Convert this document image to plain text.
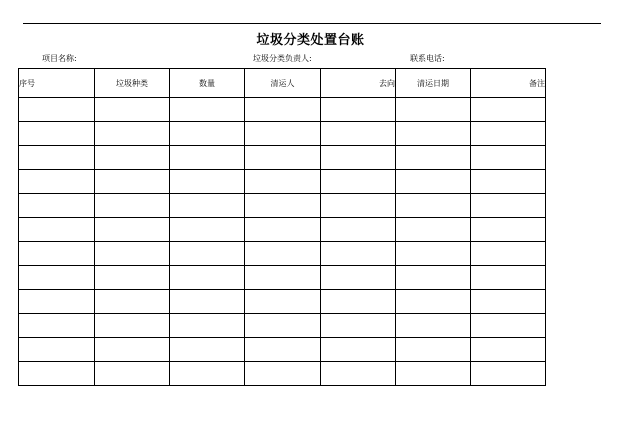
垃圾分类处置台账
项目名称:	垃圾分类负责人:	联系电话:
序号	垃圾种类	数量	清运人	去向	清运日期	备注
